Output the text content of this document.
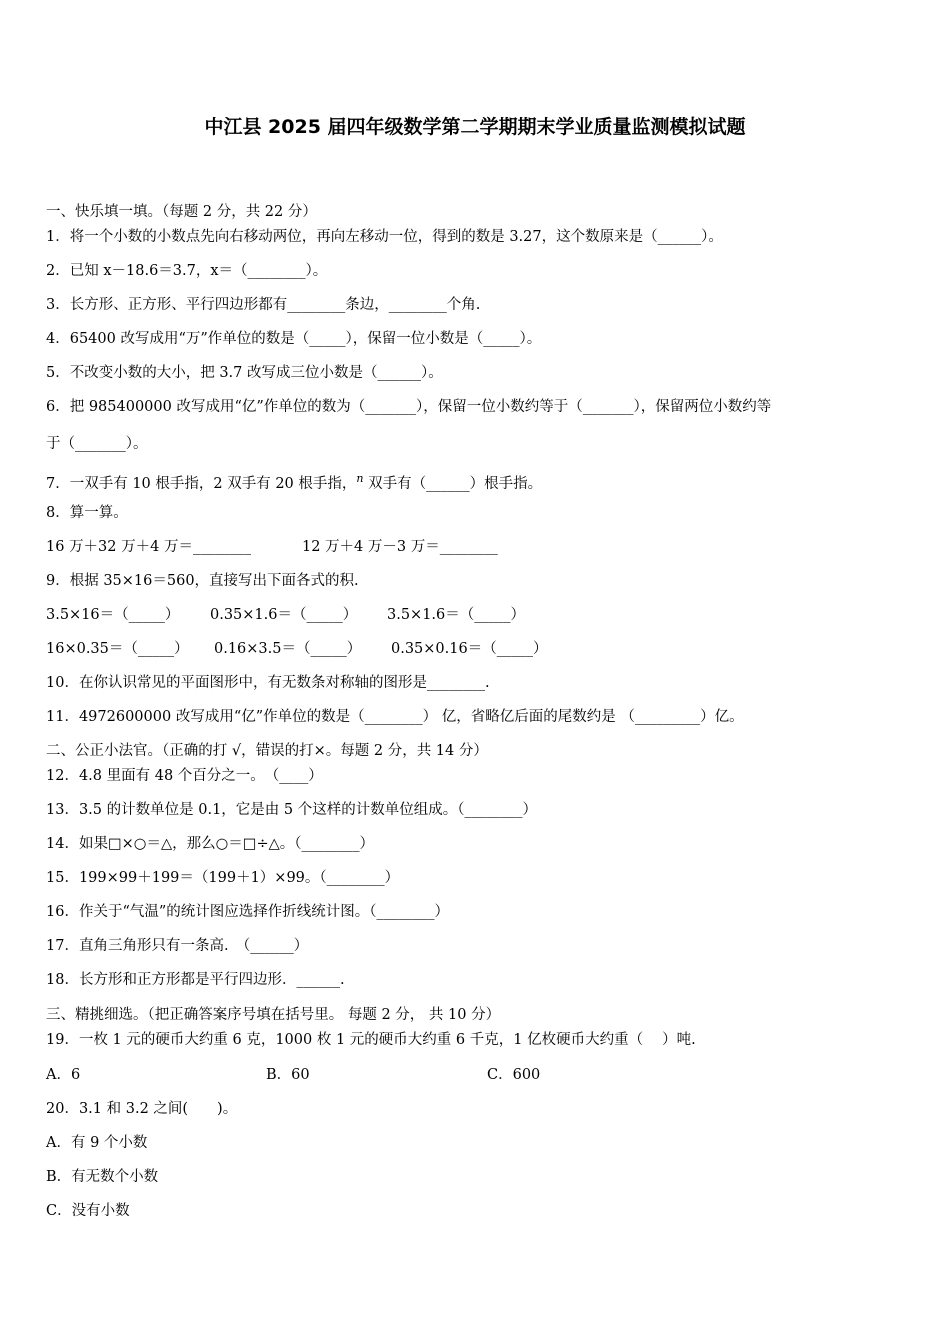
中江县 2025 届四年级数学第二学期期末学业质量监测模拟试题
一、快乐填一填。（每题 2 分，共 22 分）
1．将一个小数的小数点先向右移动两位，再向左移动一位，得到的数是 3.27，这个数原来是（______）。
2．已知 x－18.6＝3.7，x＝（________）。
3．长方形、正方形、平行四边形都有________条边，________个角.
4．65400 改写成用“万”作单位的数是（_____），保留一位小数是（_____）。
5．不改变小数的大小，把 3.7 改写成三位小数是（______）。
6．把 985400000 改写成用“亿”作单位的数为（_______），保留一位小数约等于（_______），保留两位小数约等
于（_______）。
7．一双手有 10 根手指，2 双手有 20 根手指，$^n$ 双手有（______）根手指。
8．算一算。
16 万＋32 万＋4 万＝________	12 万＋4 万－3 万＝________
9．根据 35×16＝560，直接写出下面各式的积.
3.5×16＝（_____） 0.35×1.6＝（_____） 3.5×1.6＝（_____）
16×0.35＝（_____） 0.16×3.5＝（_____） 0.35×0.16＝（_____）
10．在你认识常见的平面图形中，有无数条对称轴的图形是________.
11．4972600000 改写成用“亿”作单位的数是（________） 亿，省略亿后面的尾数约是 （_________）亿。
二、公正小法官。（正确的打 √，错误的打×。每题 2 分，共 14 分）
12．4.8 里面有 48 个百分之一。　（____）
13．3.5 的计数单位是 0.1，它是由 5 个这样的计数单位组成。（________）
14．如果□×○＝△，那么○＝□÷△。（________）
15．199×99＋199＝（199＋1）×99。（________）
16．作关于“气温”的统计图应选择作折线统计图。（________）
17．直角三角形只有一条高.　（______）
18．长方形和正方形都是平行四边形．______.
三、精挑细选。（把正确答案序号填在括号里。 每题 2 分， 共 10 分）
19．一枚 1 元的硬币大约重 6 克，1000 枚 1 元的硬币大约重 6 千克，1 亿枚硬币大约重（　 ）吨.
A．6	B．60	C．600
20．3.1 和 3.2 之间(　　)。
A．有 9 个小数
B．有无数个小数
C．没有小数
